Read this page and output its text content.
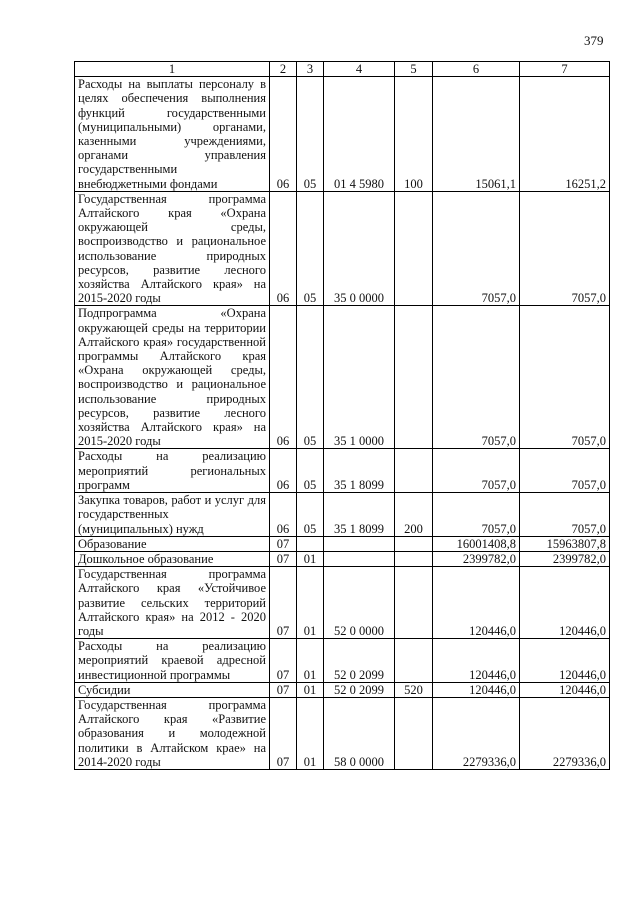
379
1	2	3	4	5	6	7
Расходы на выплаты персоналу в целях обеспечения выполнения функций государственными (муниципальными) органами, казенными учреждениями, органами управления государственными внебюджетными фондами	06	05	01 4 5980	100	15061,1	16251,2
Государственная программа Алтайского края «Охрана окружающей среды, воспроизводство и рациональное использование природных ресурсов, развитие лесного хозяйства Алтайского края» на 2015-2020 годы	06	05	35 0 0000		7057,0	7057,0
Подпрограмма «Охрана окружающей среды на территории Алтайского края» государственной программы Алтайского края «Охрана окружающей среды, воспроизводство и рациональное использование природных ресурсов, развитие лесного хозяйства Алтайского края» на 2015-2020 годы	06	05	35 1 0000		7057,0	7057,0
Расходы на реализацию мероприятий региональных программ	06	05	35 1 8099		7057,0	7057,0
Закупка товаров, работ и услуг для государственных (муниципальных) нужд	06	05	35 1 8099	200	7057,0	7057,0
Образование	07				16001408,8	15963807,8
Дошкольное образование	07	01			2399782,0	2399782,0
Государственная программа Алтайского края «Устойчивое развитие сельских территорий Алтайского края» на 2012 - 2020 годы	07	01	52 0 0000		120446,0	120446,0
Расходы на реализацию мероприятий краевой адресной инвестиционной программы	07	01	52 0 2099		120446,0	120446,0
Субсидии	07	01	52 0 2099	520	120446,0	120446,0
Государственная программа Алтайского края «Развитие образования и молодежной политики в Алтайском крае» на 2014-2020 годы	07	01	58 0 0000		2279336,0	2279336,0
